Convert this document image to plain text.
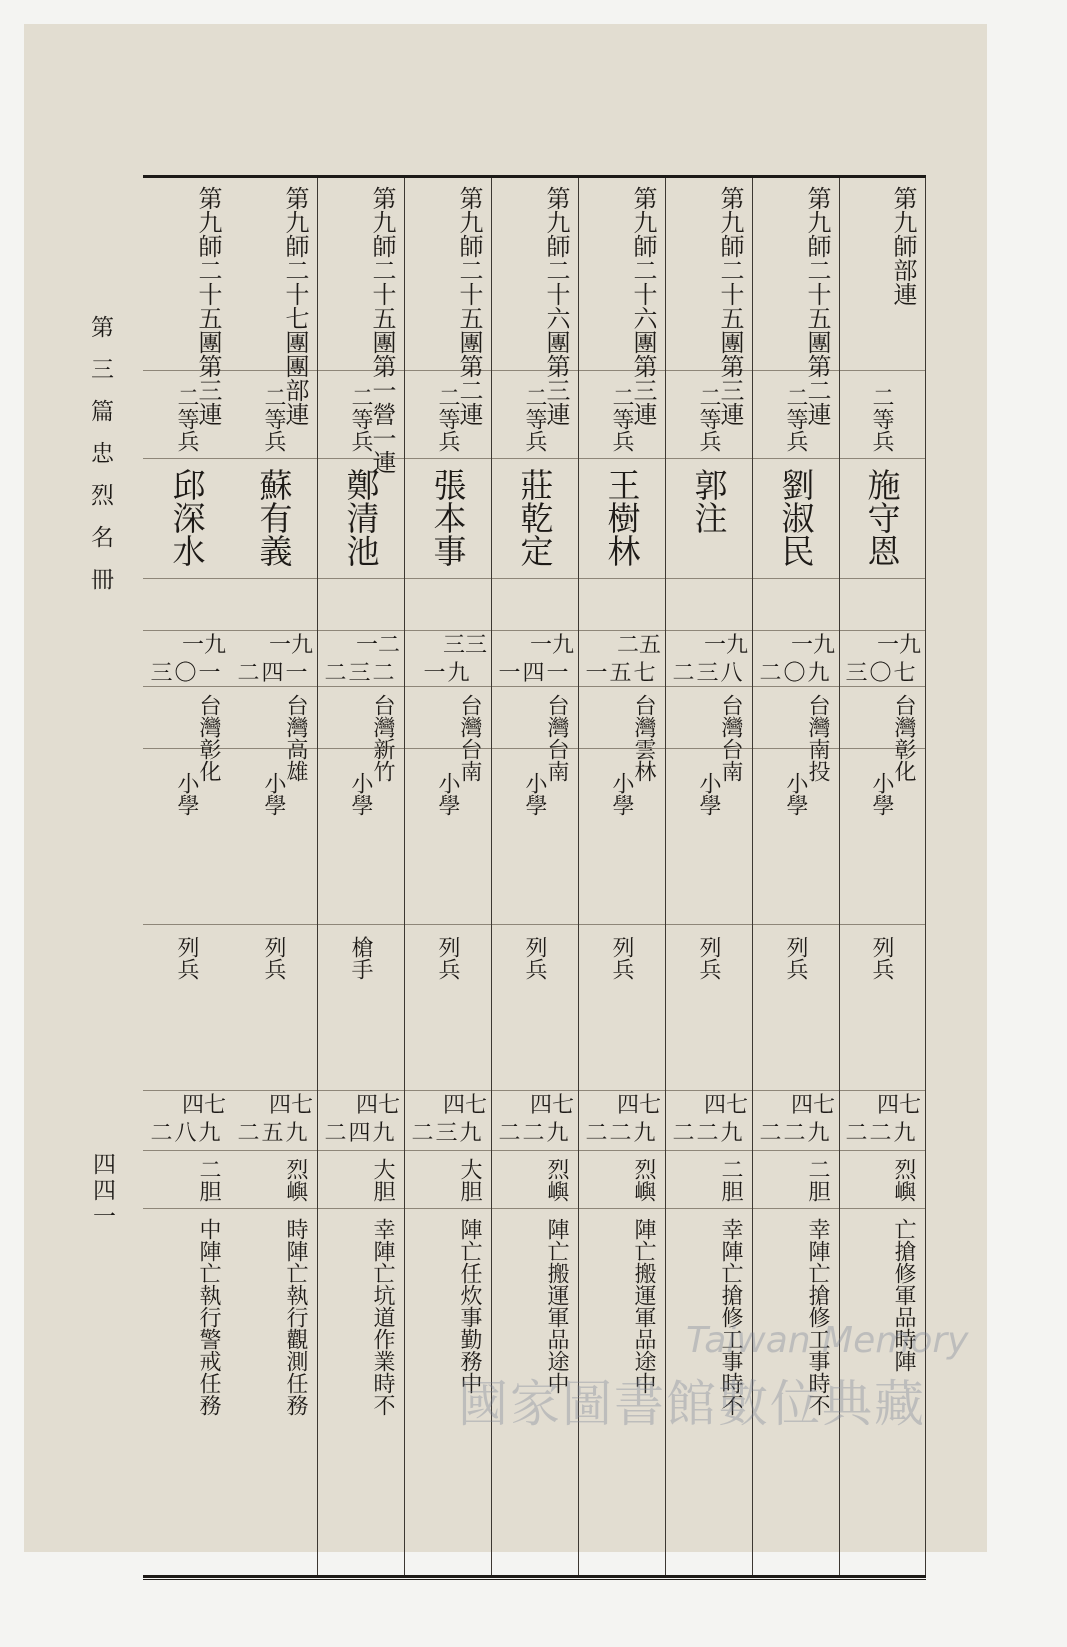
第三篇忠烈名冊
四四一
第九師部連
二等兵
施守恩
一九
三〇七
台灣彰化
小學
列兵
四七
二二九
烈嶼
亡搶修軍品時陣
第九師二十五團第二連
二等兵
劉淑民
一九
二〇九
台灣南投
小學
列兵
四七
二二九
二胆
幸陣亡搶修工事時不
第九師二十五團第三連
二等兵
郭注
一九
二三八
台灣台南
小學
列兵
四七
二二九
二胆
幸陣亡搶修工事時不
第九師二十六團第三連
二等兵
王樹林
二五
一五七
台灣雲林
小學
列兵
四七
二二九
烈嶼
陣亡搬運軍品途中
第九師二十六團第三連
二等兵
莊乾定
一九
一四一
台灣台南
小學
列兵
四七
二二九
烈嶼
陣亡搬運軍品途中
第九師二十五團第二連
二等兵
張本事
三三
一九
台灣台南
小學
列兵
四七
二三九
大胆
陣亡任炊事勤務中
第九師二十五團第一營一連
二等兵
鄭清池
一二
二三二
台灣新竹
小學
槍手
四七
二四九
大胆
幸陣亡坑道作業時不
第九師二十七團團部連
二等兵
蘇有義
一九
二四一
台灣高雄
小學
列兵
四七
二五九
烈嶼
時陣亡執行觀測任務
第九師二十五團第三連
二等兵
邱深水
一九
三〇一
台灣彰化
小學
列兵
四七
二八九
二胆
中陣亡執行警戒任務	Taiwan Memory
國家圖書館數位典藏
